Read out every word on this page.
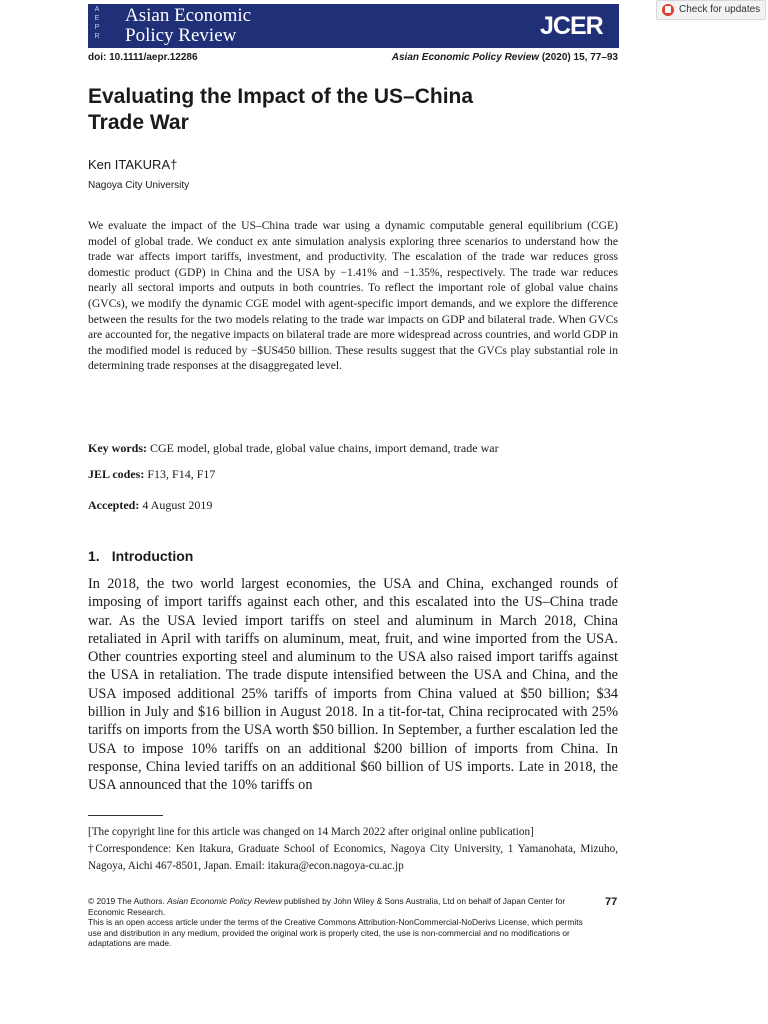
A E P R
Asian Economic
Policy Review	JCER
Check for updates
doi: 10.1111/aepr.12286	Asian Economic Policy Review (2020) 15, 77–93
Evaluating the Impact of the US–China
Trade War
Ken ITAKURA†
Nagoya City University
We evaluate the impact of the US–China trade war using a dynamic computable general equilibrium (CGE) model of global trade. We conduct ex ante simulation analysis exploring three scenarios to understand how the trade war affects import tariffs, investment, and productivity. The escalation of the trade war reduces gross domestic product (GDP) in China and the USA by −1.41% and −1.35%, respectively. The trade war reduces nearly all sectoral imports and outputs in both countries. To reflect the important role of global value chains (GVCs), we modify the dynamic CGE model with agent-specific import demands, and we explore the difference between the results for the two models relating to the trade war impacts on GDP and bilateral trade. When GVCs are accounted for, the negative impacts on bilateral trade are more widespread across countries, and world GDP in the modified model is reduced by −$US450 billion. These results suggest that the GVCs play substantial role in determining trade responses at the disaggregated level.
Key words: CGE model, global trade, global value chains, import demand, trade war
JEL codes: F13, F14, F17
Accepted: 4 August 2019
1. Introduction
In 2018, the two world largest economies, the USA and China, exchanged rounds of imposing of import tariffs against each other, and this escalated into the US–China trade war. As the USA levied import tariffs on steel and aluminum in March 2018, China retaliated in April with tariffs on aluminum, meat, fruit, and wine imported from the USA. Other countries exporting steel and aluminum to the USA also raised import tariffs against the USA in retaliation. The trade dispute intensified between the USA and China, and the USA imposed additional 25% tariffs of imports from China valued at $50 billion; $34 billion in July and $16 billion in August 2018. In a tit-for-tat, China reciprocated with 25% tariffs on imports from the USA worth $50 billion. In September, a further escalation led the USA to impose 10% tariffs on an additional $200 billion of imports from China. In response, China levied tariffs on an additional $60 billion of US imports. Late in 2018, the USA announced that the 10% tariffs on
[The copyright line for this article was changed on 14 March 2022 after original online publication]
†Correspondence: Ken Itakura, Graduate School of Economics, Nagoya City University, 1 Yamanohata, Mizuho, Nagoya, Aichi 467-8501, Japan. Email: itakura@econ.nagoya-cu.ac.jp
© 2019 The Authors. Asian Economic Policy Review published by John Wiley & Sons Australia, Ltd on behalf of Japan Center for Economic Research.
This is an open access article under the terms of the Creative Commons Attribution-NonCommercial-NoDerivs License, which permits use and distribution in any medium, provided the original work is properly cited, the use is non-commercial and no modifications or adaptations are made.
77
